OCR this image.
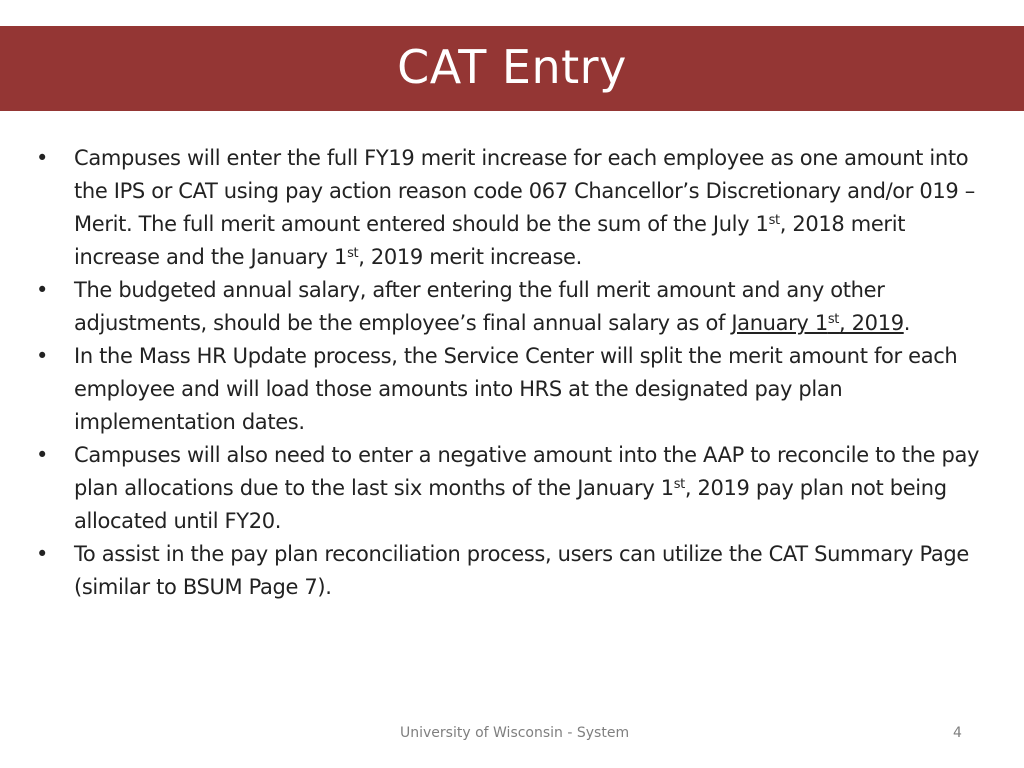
CAT Entry
• Campuses will enter the full FY19 merit increase for each employee as one amount into the IPS or CAT using pay action reason code 067 Chancellor’s Discretionary and/or 019 – Merit. The full merit amount entered should be the sum of the July 1st, 2018 merit increase and the January 1st, 2019 merit increase.
• The budgeted annual salary, after entering the full merit amount and any other adjustments, should be the employee’s final annual salary as of January 1st, 2019.
• In the Mass HR Update process, the Service Center will split the merit amount for each employee and will load those amounts into HRS at the designated pay plan implementation dates.
• Campuses will also need to enter a negative amount into the AAP to reconcile to the pay plan allocations due to the last six months of the January 1st, 2019 pay plan not being allocated until FY20.
• To assist in the pay plan reconciliation process, users can utilize the CAT Summary Page (similar to BSUM Page 7).
University of Wisconsin - System	4
